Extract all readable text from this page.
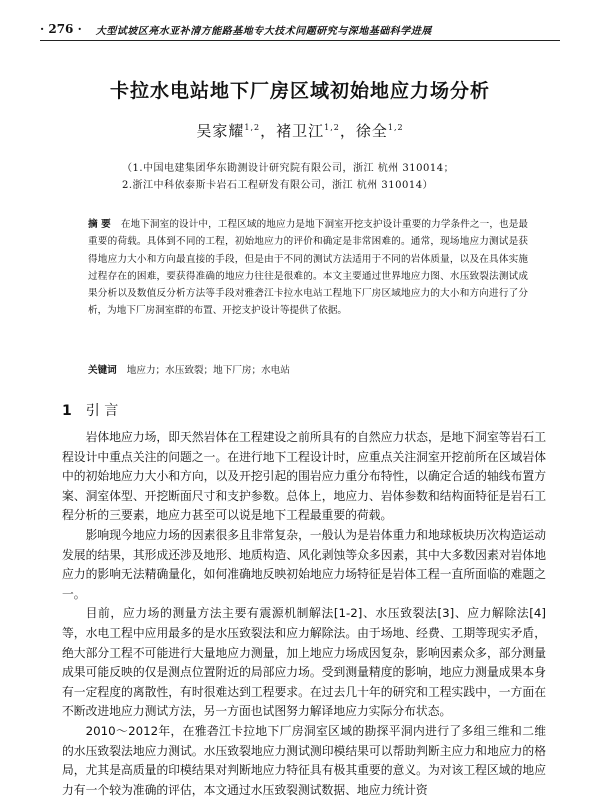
· 276 · 大型试坡区亮水亚补清方能路基地专大技术问题研究与深地基础科学进展
卡拉水电站地下厂房区域初始地应力场分析
吴家耀$^{1,2}$，褚卫江$^{1,2}$，徐全$^{1,2}$
（1.中国电建集团华东勘测设计研究院有限公司，浙江 杭州 310014；
2.浙江中科依泰斯卡岩石工程研发有限公司，浙江 杭州 310014）
摘 要 在地下洞室的设计中，工程区域的地应力是地下洞室开挖支护设计重要的力学条件之一，也是最重要的荷载。具体到不同的工程，初始地应力的评价和确定是非常困难的。通常，现场地应力测试是获得地应力大小和方向最直接的手段，但是由于不同的测试方法适用于不同的岩体质量，以及在具体实施过程存在的困难，要获得准确的地应力往往是很难的。本文主要通过世界地应力图、水压致裂法测试成果分析以及数值反分析方法等手段对雅砻江卡拉水电站工程地下厂房区域地应力的大小和方向进行了分析，为地下厂房洞室群的布置、开挖支护设计等提供了依据。
关键词 地应力；水压致裂；地下厂房；水电站
1 引 言

岩体地应力场，即天然岩体在工程建设之前所具有的自然应力状态，是地下洞室等岩石工程设计中重点关注的问题之一。在进行地下工程设计时，应重点关注洞室开挖前所在区域岩体中的初始地应力大小和方向，以及开挖引起的围岩应力重分布特性，以确定合适的轴线布置方案、洞室体型、开挖断面尺寸和支护参数。总体上，地应力、岩体参数和结构面特征是岩石工程分析的三要素，地应力甚至可以说是地下工程最重要的荷载。

影响现今地应力场的因素很多且非常复杂，一般认为是岩体重力和地球板块历次构造运动发展的结果，其形成还涉及地形、地质构造、风化剥蚀等众多因素，其中大多数因素对岩体地应力的影响无法精确量化，如何准确地反映初始地应力场特征是岩体工程一直所面临的难题之一。

目前，应力场的测量方法主要有震源机制解法[1-2]、水压致裂法[3]、应力解除法[4]等，水电工程中应用最多的是水压致裂法和应力解除法。由于场地、经费、工期等现实矛盾，绝大部分工程不可能进行大量地应力测量，加上地应力场成因复杂，影响因素众多，部分测量成果可能反映的仅是测点位置附近的局部应力场。受到测量精度的影响，地应力测量成果本身有一定程度的离散性，有时很难达到工程要求。在过去几十年的研究和工程实践中，一方面在不断改进地应力测试方法，另一方面也试图努力解译地应力实际分布状态。

2010～2012年，在雅砻江卡拉地下厂房洞室区域的勘探平洞内进行了多组三维和二维的水压致裂法地应力测试。水压致裂地应力测试测印模结果可以帮助判断主应力和地应力的格局，尤其是高质量的印模结果对判断地应力特征具有极其重要的意义。为对该工程区域的地应力有一个较为准确的评估，本文通过水压致裂测试数据、地应力统计资
